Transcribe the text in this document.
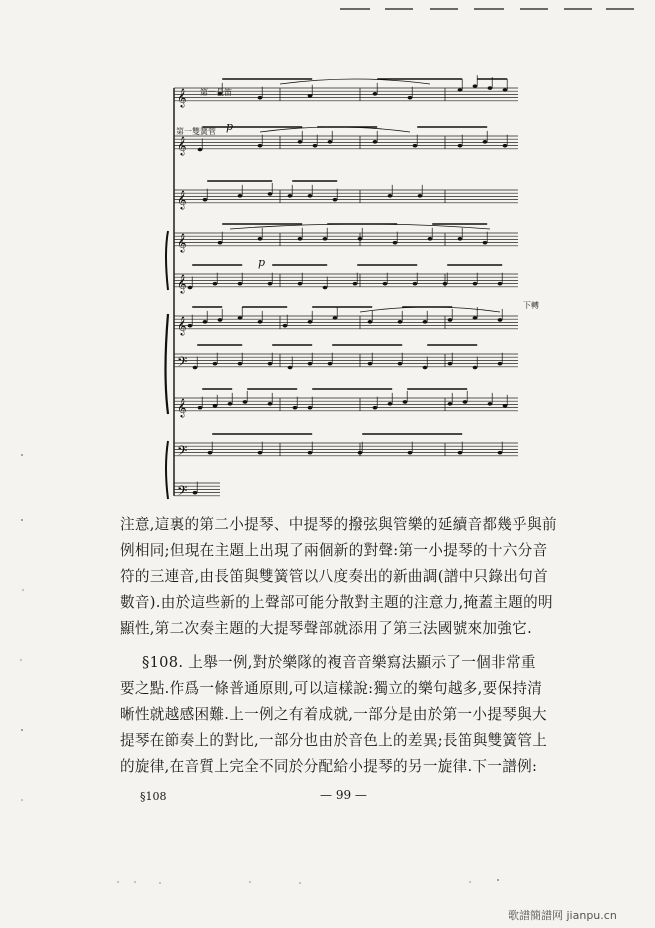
𝄞
𝄞
𝄞
𝄞
𝄞
𝄞
𝄢
𝄞
𝄢
𝄢
p
p
第一長笛
第一雙簧管
下轉
注意,這裏的第二小提琴、中提琴的撥弦與管樂的延續音都幾乎與前
例相同;但現在主題上出現了兩個新的對聲:第一小提琴的十六分音
符的三連音,由長笛與雙簧管以八度奏出的新曲調(譜中只錄出句首
數音).由於這些新的上聲部可能分散對主題的注意力,掩蓋主題的明
顯性,第二次奏主題的大提琴聲部就添用了第三法國號來加強它.
§108. 上舉一例,對於樂隊的複音音樂寫法顯示了一個非常重
要之點.作爲一條普通原則,可以這樣說:獨立的樂句越多,要保持清
晰性就越感困難.上一例之有着成就,一部分是由於第一小提琴與大
提琴在節奏上的對比,一部分也由於音色上的差異;長笛與雙簧管上
的旋律,在音質上完全不同於分配給小提琴的另一旋律.下一譜例:
§108	— 99 —
歌譜簡譜网 jianpu.cn
